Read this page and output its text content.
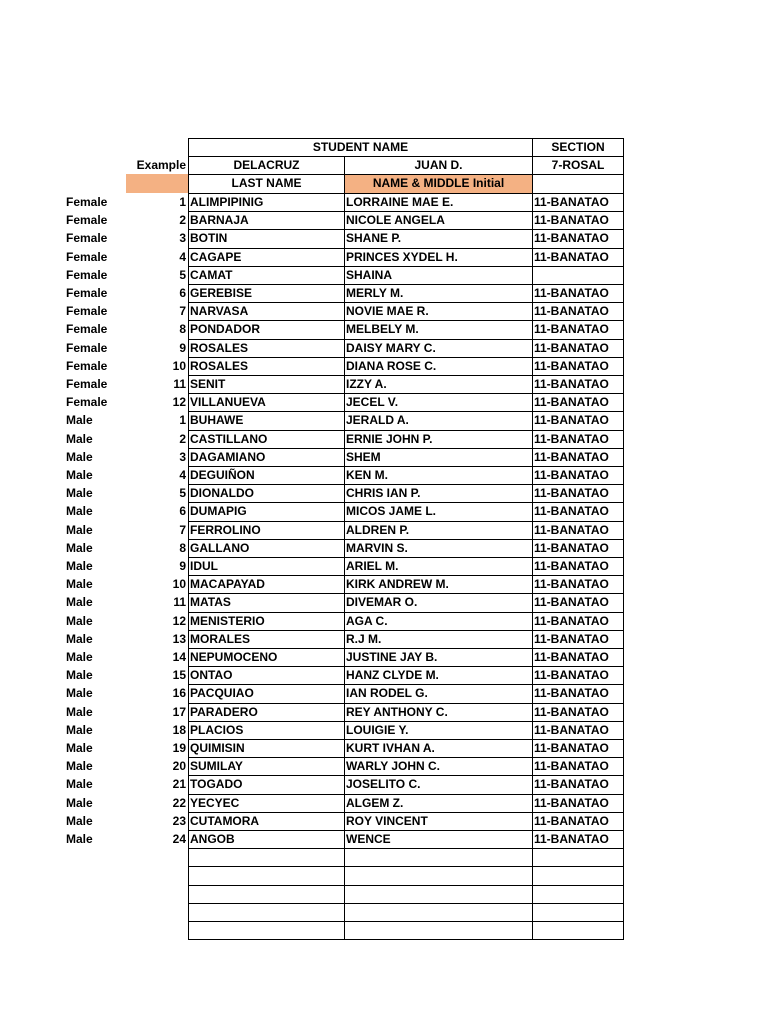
STUDENT NAME	SECTION
Example	DELACRUZ	JUAN D.	7-ROSAL
LAST NAME	NAME & MIDDLE Initial
Female	1 ALIMPIPINIG	LORRAINE MAE E.	11-BANATAO
Female	2 BARNAJA	NICOLE ANGELA	11-BANATAO
Female	3 BOTIN	SHANE P.	11-BANATAO
Female	4 CAGAPE	PRINCES XYDEL H.	11-BANATAO
Female	5 CAMAT	SHAINA
Female	6 GEREBISE	MERLY M.	11-BANATAO
Female	7 NARVASA	NOVIE MAE R.	11-BANATAO
Female	8 PONDADOR	MELBELY M.	11-BANATAO
Female	9 ROSALES	DAISY MARY C.	11-BANATAO
Female	10 ROSALES	DIANA ROSE C.	11-BANATAO
Female	11 SENIT	IZZY A.	11-BANATAO
Female	12 VILLANUEVA	JECEL V.	11-BANATAO
Male	1 BUHAWE	JERALD A.	11-BANATAO
Male	2 CASTILLANO	ERNIE JOHN P.	11-BANATAO
Male	3 DAGAMIANO	SHEM	11-BANATAO
Male	4 DEGUIÑON	KEN M.	11-BANATAO
Male	5 DIONALDO	CHRIS IAN P.	11-BANATAO
Male	6 DUMAPIG	MICOS JAME L.	11-BANATAO
Male	7 FERROLINO	ALDREN P.	11-BANATAO
Male	8 GALLANO	MARVIN S.	11-BANATAO
Male	9 IDUL	ARIEL M.	11-BANATAO
Male	10 MACAPAYAD	KIRK ANDREW M.	11-BANATAO
Male	11 MATAS	DIVEMAR O.	11-BANATAO
Male	12 MENISTERIO	AGA C.	11-BANATAO
Male	13 MORALES	R.J M.	11-BANATAO
Male	14 NEPUMOCENO	JUSTINE JAY B.	11-BANATAO
Male	15 ONTAO	HANZ CLYDE M.	11-BANATAO
Male	16 PACQUIAO	IAN RODEL G.	11-BANATAO
Male	17 PARADERO	REY ANTHONY C.	11-BANATAO
Male	18 PLACIOS	LOUIGIE Y.	11-BANATAO
Male	19 QUIMISIN	KURT IVHAN A.	11-BANATAO
Male	20 SUMILAY	WARLY JOHN C.	11-BANATAO
Male	21 TOGADO	JOSELITO C.	11-BANATAO
Male	22 YECYEC	ALGEM Z.	11-BANATAO
Male	23 CUTAMORA	ROY VINCENT	11-BANATAO
Male	24 ANGOB	WENCE	11-BANATAO
